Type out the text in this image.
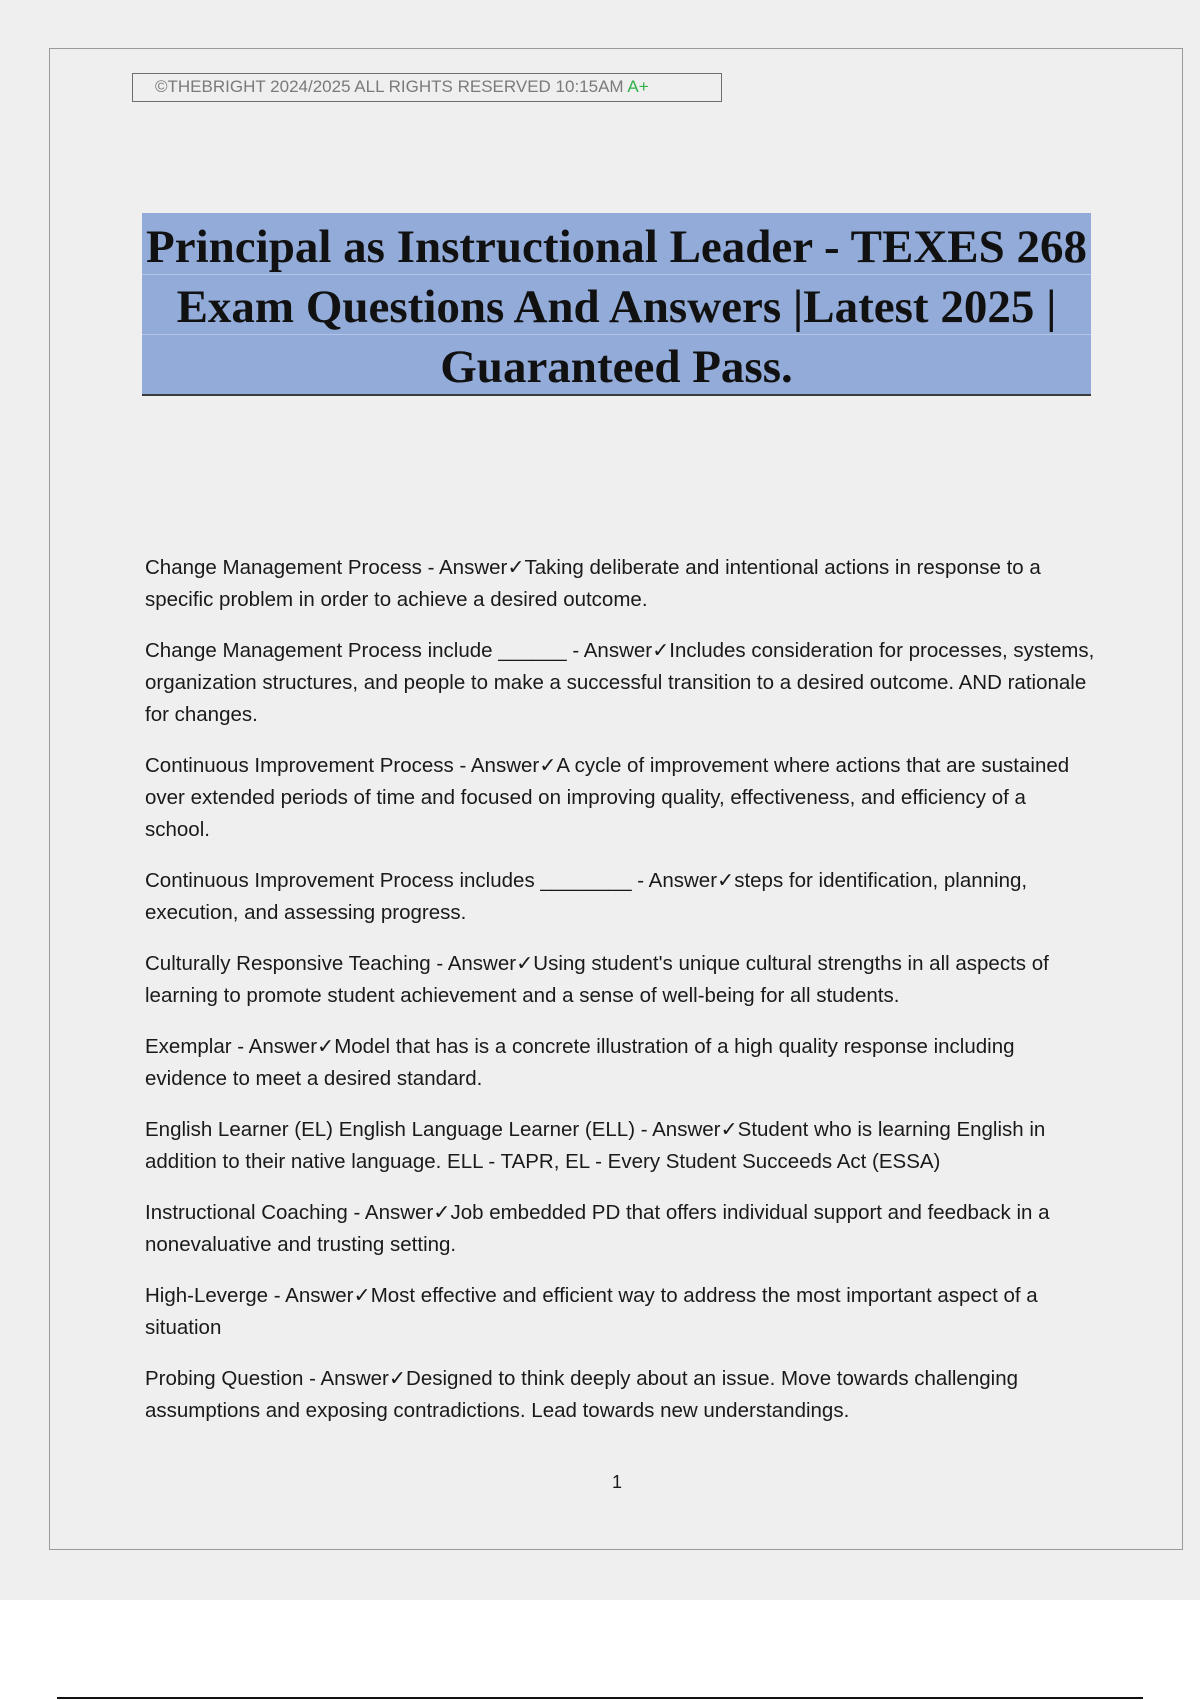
©THEBRIGHT 2024/2025 ALL RIGHTS RESERVED 10:15AM A+
Principal as Instructional Leader - TEXES 268 Exam Questions And Answers |Latest 2025 | Guaranteed Pass.
Change Management Process - Answer✓Taking deliberate and intentional actions in response to a specific problem in order to achieve a desired outcome.
Change Management Process include ______ - Answer✓Includes consideration for processes, systems, organization structures, and people to make a successful transition to a desired outcome. AND rationale for changes.
Continuous Improvement Process - Answer✓A cycle of improvement where actions that are sustained over extended periods of time and focused on improving quality, effectiveness, and efficiency of a school.
Continuous Improvement Process includes ________ - Answer✓steps for identification, planning, execution, and assessing progress.
Culturally Responsive Teaching - Answer✓Using student's unique cultural strengths in all aspects of learning to promote student achievement and a sense of well-being for all students.
Exemplar - Answer✓Model that has is a concrete illustration of a high quality response including evidence to meet a desired standard.
English Learner (EL) English Language Learner (ELL) - Answer✓Student who is learning English in addition to their native language. ELL - TAPR, EL - Every Student Succeeds Act (ESSA)
Instructional Coaching - Answer✓Job embedded PD that offers individual support and feedback in a nonevaluative and trusting setting.
High-Leverge - Answer✓Most effective and efficient way to address the most important aspect of a situation
Probing Question - Answer✓Designed to think deeply about an issue. Move towards challenging assumptions and exposing contradictions. Lead towards new understandings.
1
